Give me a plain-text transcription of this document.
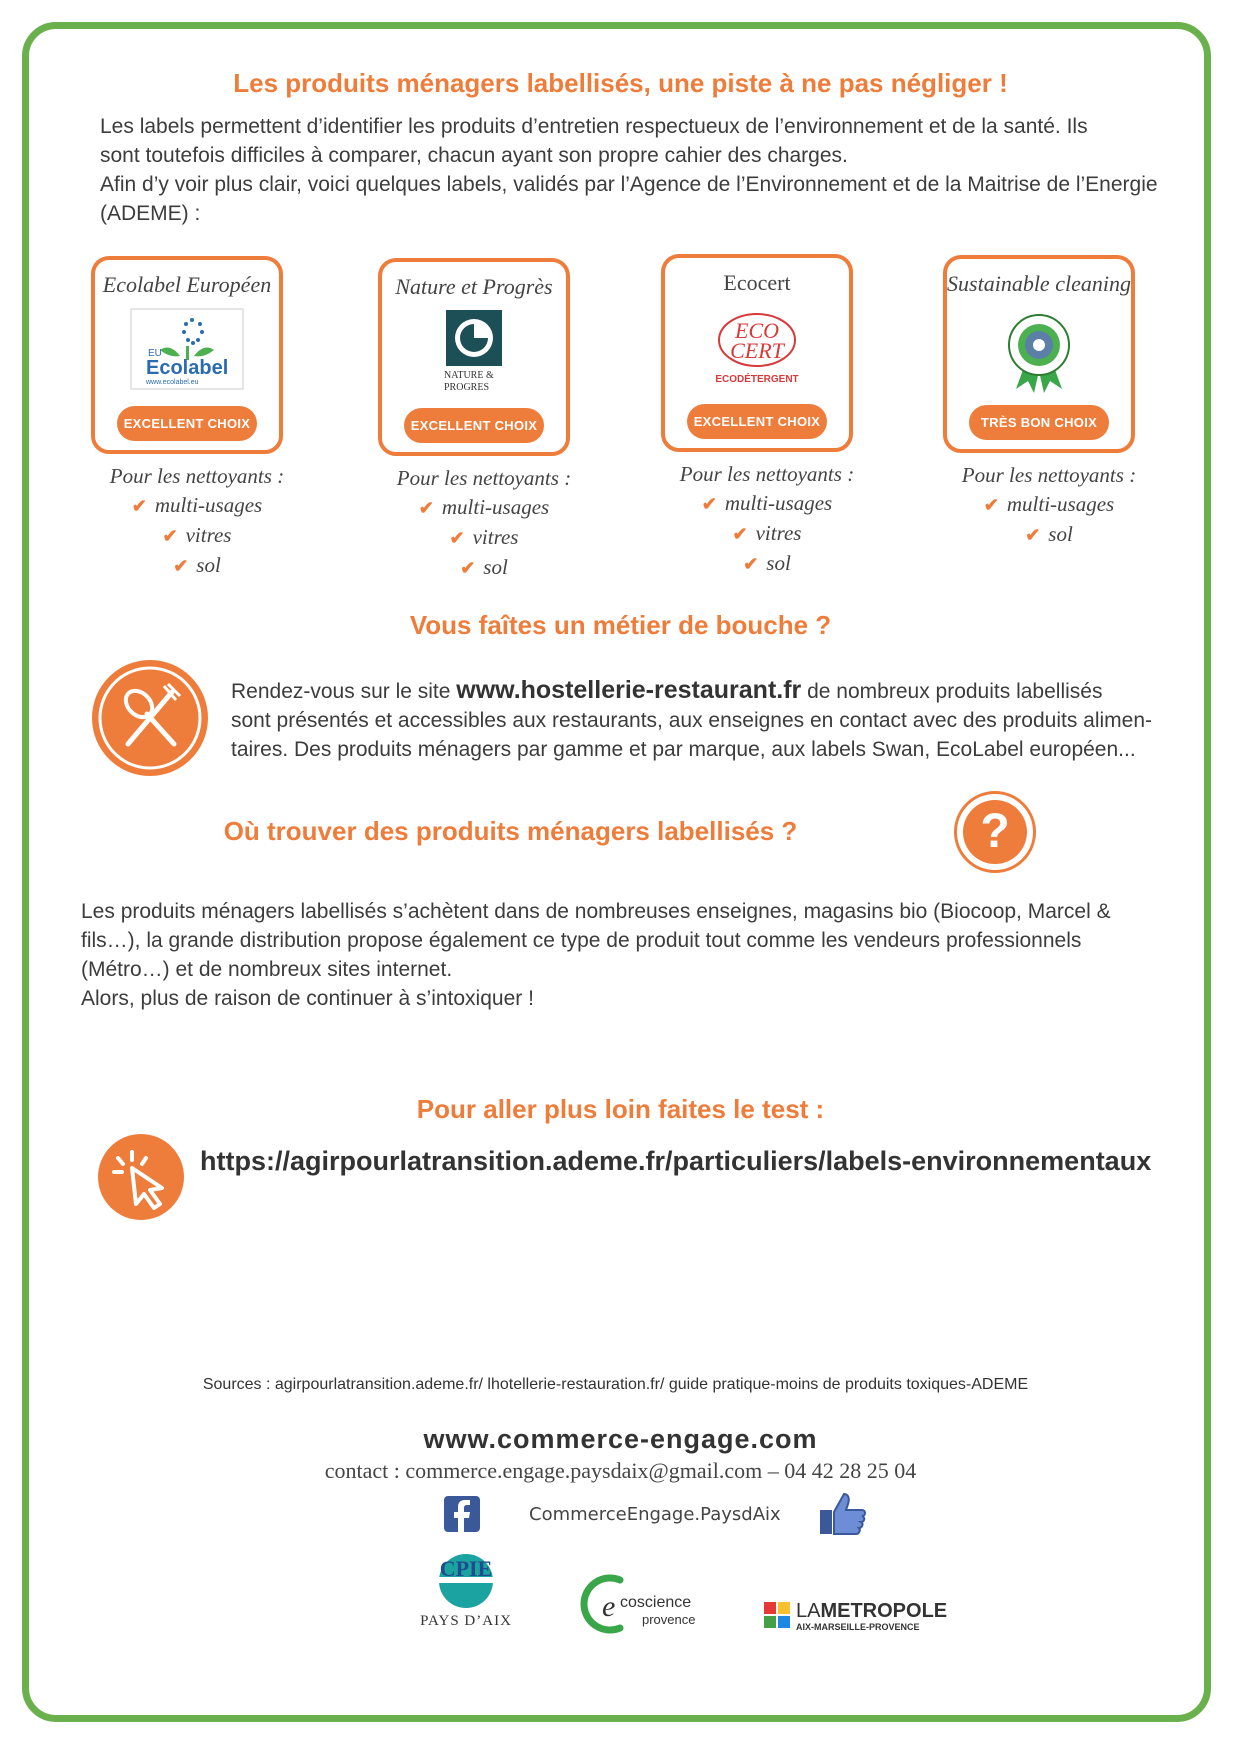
Les produits ménagers labellisés, une piste à ne pas négliger !

Les labels permettent d’identifier les produits d’entretien respectueux de l’environnement et de la santé. Ils

sont toutefois difficiles à comparer, chacun ayant son propre cahier des charges.

Afin d’y voir plus clair, voici quelques labels, validés par l’Agence de l’Environnement et de la Maitrise de l’Energie

(ADEME) :

Ecolabel Européen
EU
Ecolabel
www.ecolabel.eu
EXCELLENT CHOIX
Pour les nettoyants :
✔ multi-usages
✔ vitres
✔ sol
Nature et Progrès
NATURE &
PROGRES
EXCELLENT CHOIX
Pour les nettoyants :
✔ multi-usages
✔ vitres
✔ sol
Ecocert
ECO
CERT
ECODÉTERGENT
EXCELLENT CHOIX
Pour les nettoyants :
✔ multi-usages
✔ vitres
✔ sol
Sustainable cleaning
TRÈS BON CHOIX
Pour les nettoyants :
✔ multi-usages
✔ sol
Vous faîtes un métier de bouche ?

Rendez-vous sur le site www.hostellerie-restaurant.fr de nombreux produits labellisés

sont présentés et accessibles aux restaurants, aux enseignes en contact avec des produits alimen-

taires. Des produits ménagers par gamme et par marque, aux labels Swan, EcoLabel européen...

Où trouver des produits ménagers labellisés ?	?

Les produits ménagers labellisés s’achètent dans de nombreuses enseignes, magasins bio (Biocoop, Marcel &

fils…), la grande distribution propose également ce type de produit tout comme les vendeurs professionnels

(Métro…) et de nombreux sites internet.

Alors, plus de raison de continuer à s’intoxiquer !

Pour aller plus loin faites le test :
https://agirpourlatransition.ademe.fr/particuliers/labels-environnementaux
Sources : agirpourlatransition.ademe.fr/ lhotellerie-restauration.fr/ guide pratique-moins de produits toxiques-ADEME
www.commerce-engage.com
contact : commerce.engage.paysdaix@gmail.com – 04 42 28 25 04
CommerceEngage.PaysdAix
CPIE
PAYS D’AIX	e coscience
provence	LAMETROPOLE
AIX-MARSEILLE-PROVENCE
